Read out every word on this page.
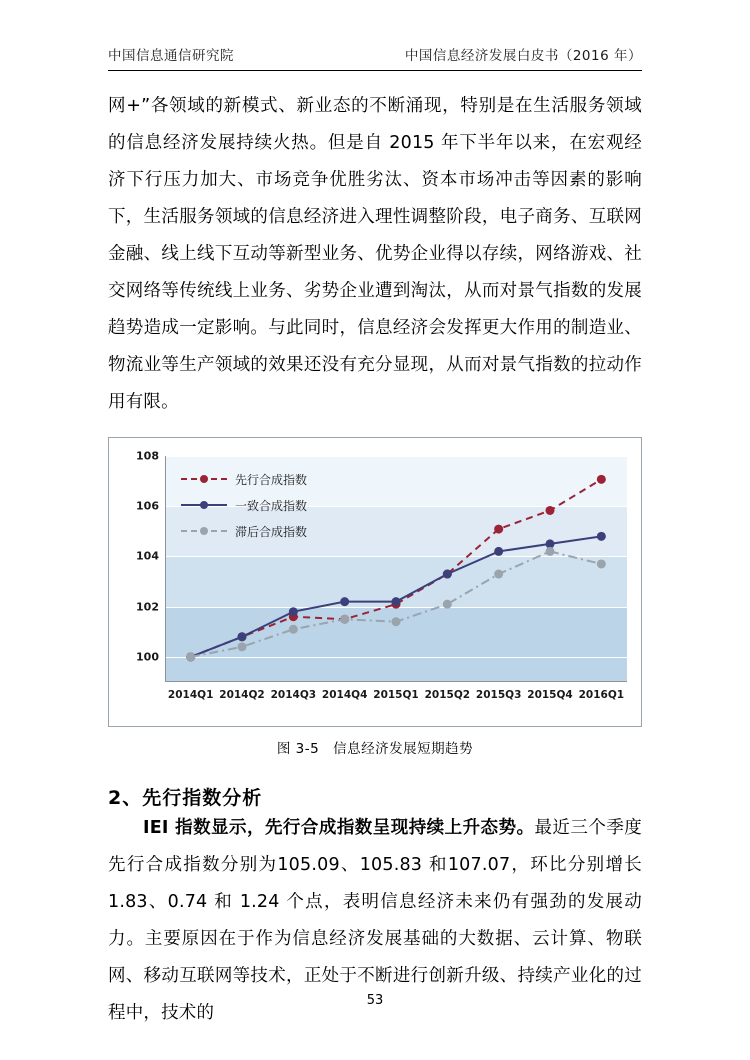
中国信息通信研究院	中国信息经济发展白皮书（2016 年）

网+”各领域的新模式、新业态的不断涌现，特别是在生活服务领域的信息经济发展持续火热。但是自 2015 年下半年以来，在宏观经济下行压力加大、市场竞争优胜劣汰、资本市场冲击等因素的影响下，生活服务领域的信息经济进入理性调整阶段，电子商务、互联网金融、线上线下互动等新型业务、优势企业得以存续，网络游戏、社交网络等传统线上业务、劣势企业遭到淘汰，从而对景气指数的发展趋势造成一定影响。与此同时，信息经济会发挥更大作用的制造业、物流业等生产领域的效果还没有充分显现，从而对景气指数的拉动作用有限。

100
102
104
106
108
2014Q1 2014Q2 2014Q3 2014Q4 2015Q1 2015Q2 2015Q3 2015Q4 2016Q1
先行合成指数
一致合成指数
滞后合成指数
图 3-5　信息经济发展短期趋势
2、先行指数分析

IEI 指数显示，先行合成指数呈现持续上升态势。最近三个季度先行合成指数分别为105.09、105.83 和107.07，环比分别增长1.83、0.74 和 1.24 个点，表明信息经济未来仍有强劲的发展动力。主要原因在于作为信息经济发展基础的大数据、云计算、物联网、移动互联网等技术，正处于不断进行创新升级、持续产业化的过程中，技术的

53
